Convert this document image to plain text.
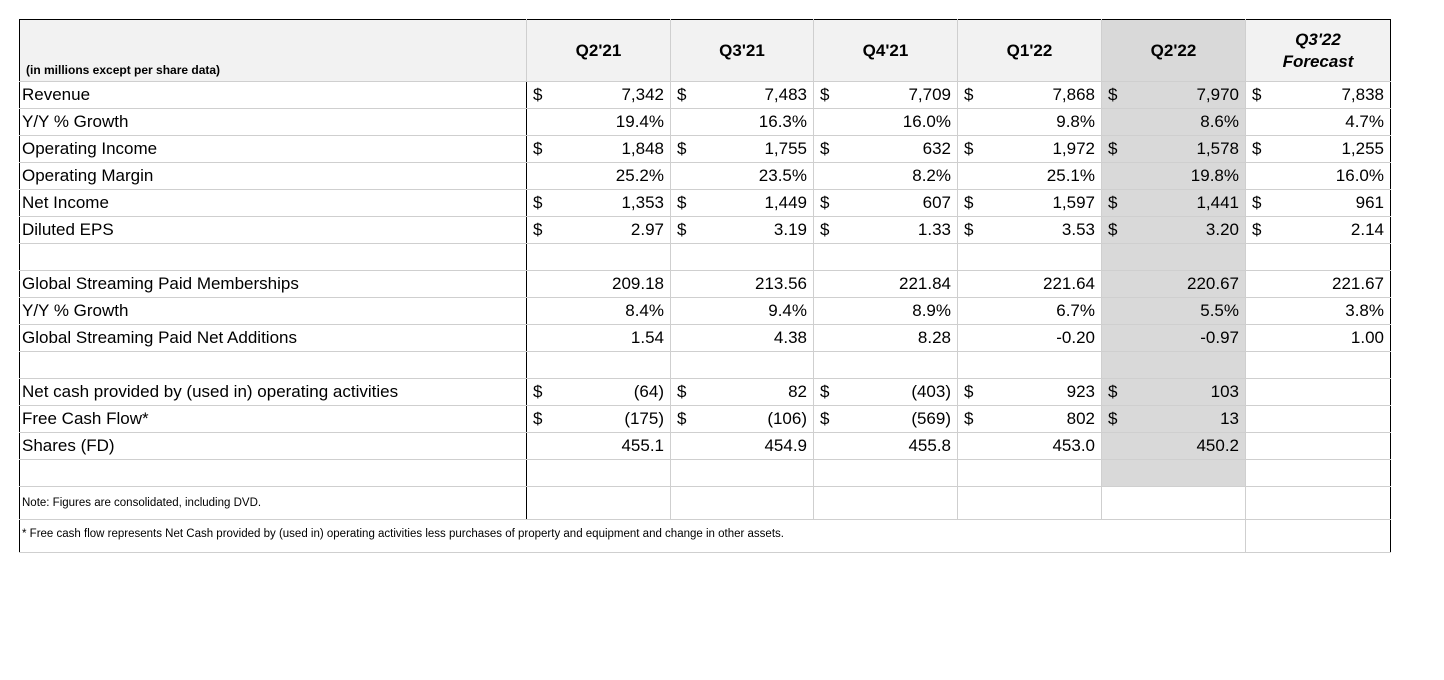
(in millions except per share data)	Q2'21	Q3'21	Q4'21	Q1'22	Q2'22	Q3'22
Forecast

Revenue	$ 7,342	$ 7,483	$ 7,709	$ 7,868	$ 7,970	$ 7,838

Y/Y % Growth	19.4%	16.3%	16.0%	9.8%	8.6%	4.7%

Operating Income	$ 1,848	$ 1,755	$ 632	$ 1,972	$ 1,578	$ 1,255

Operating Margin	25.2%	23.5%	8.2%	25.1%	19.8%	16.0%

Net Income	$ 1,353	$ 1,449	$ 607	$ 1,597	$ 1,441	$ 961

Diluted EPS	$ 2.97	$ 3.19	$ 1.33	$ 3.53	$ 3.20	$ 2.14

Global Streaming Paid Memberships	209.18	213.56	221.84	221.64	220.67	221.67

Y/Y % Growth	8.4%	9.4%	8.9%	6.7%	5.5%	3.8%

Global Streaming Paid Net Additions	1.54	4.38	8.28	-0.20	-0.97	1.00

Net cash provided by (used in) operating activities	$ (64)	$ 82	$ (403)	$ 923	$ 103	

Free Cash Flow*	$ (175)	$ (106)	$ (569)	$ 802	$ 13	

Shares (FD)	455.1	454.9	455.8	453.0	450.2	

Note: Figures are consolidated, including DVD.						

* Free cash flow represents Net Cash provided by (used in) operating activities less purchases of property and equipment and change in other assets.						
